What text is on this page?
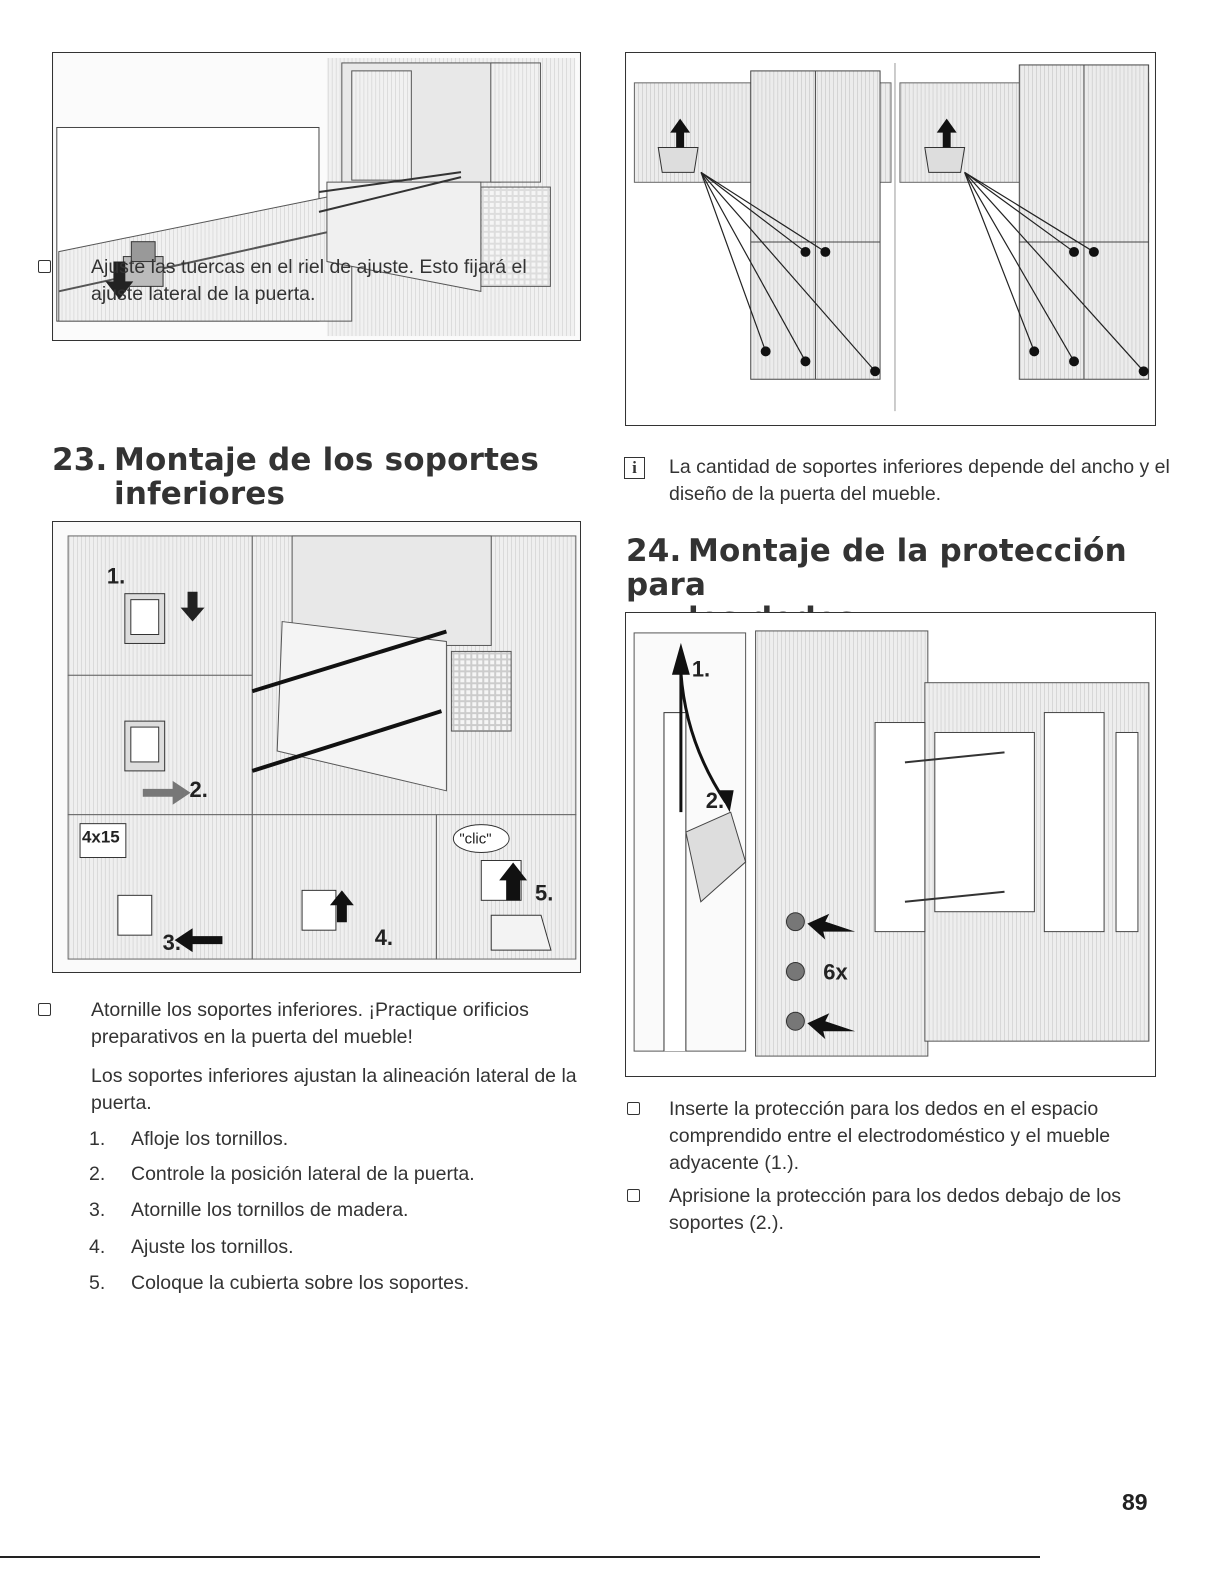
Ajuste las tuercas en el riel de ajuste. Esto fijará el ajuste lateral de la puerta.
23. Montaje de los soportes
inferiores
1.
2.
3.	4.
5.
4x15	"clic"
Atornille los soportes inferiores. ¡Practique orificios preparativos en la puerta del mueble!
Los soportes inferiores ajustan la alineación lateral de la puerta.
1. Afloje los tornillos.
2. Controle la posición lateral de la puerta.
3. Atornille los tornillos de madera.
4. Ajuste los tornillos.
5. Coloque la cubierta sobre los soportes.
i	La cantidad de soportes inferiores depende del ancho y el diseño de la puerta del mueble.
24. Montaje de la protección para
1.
2.
6x
Inserte la protección para los dedos en el espacio comprendido entre el electrodoméstico y el mueble adyacente (1.).
Aprisione la protección para los dedos debajo de los soportes (2.).
89
